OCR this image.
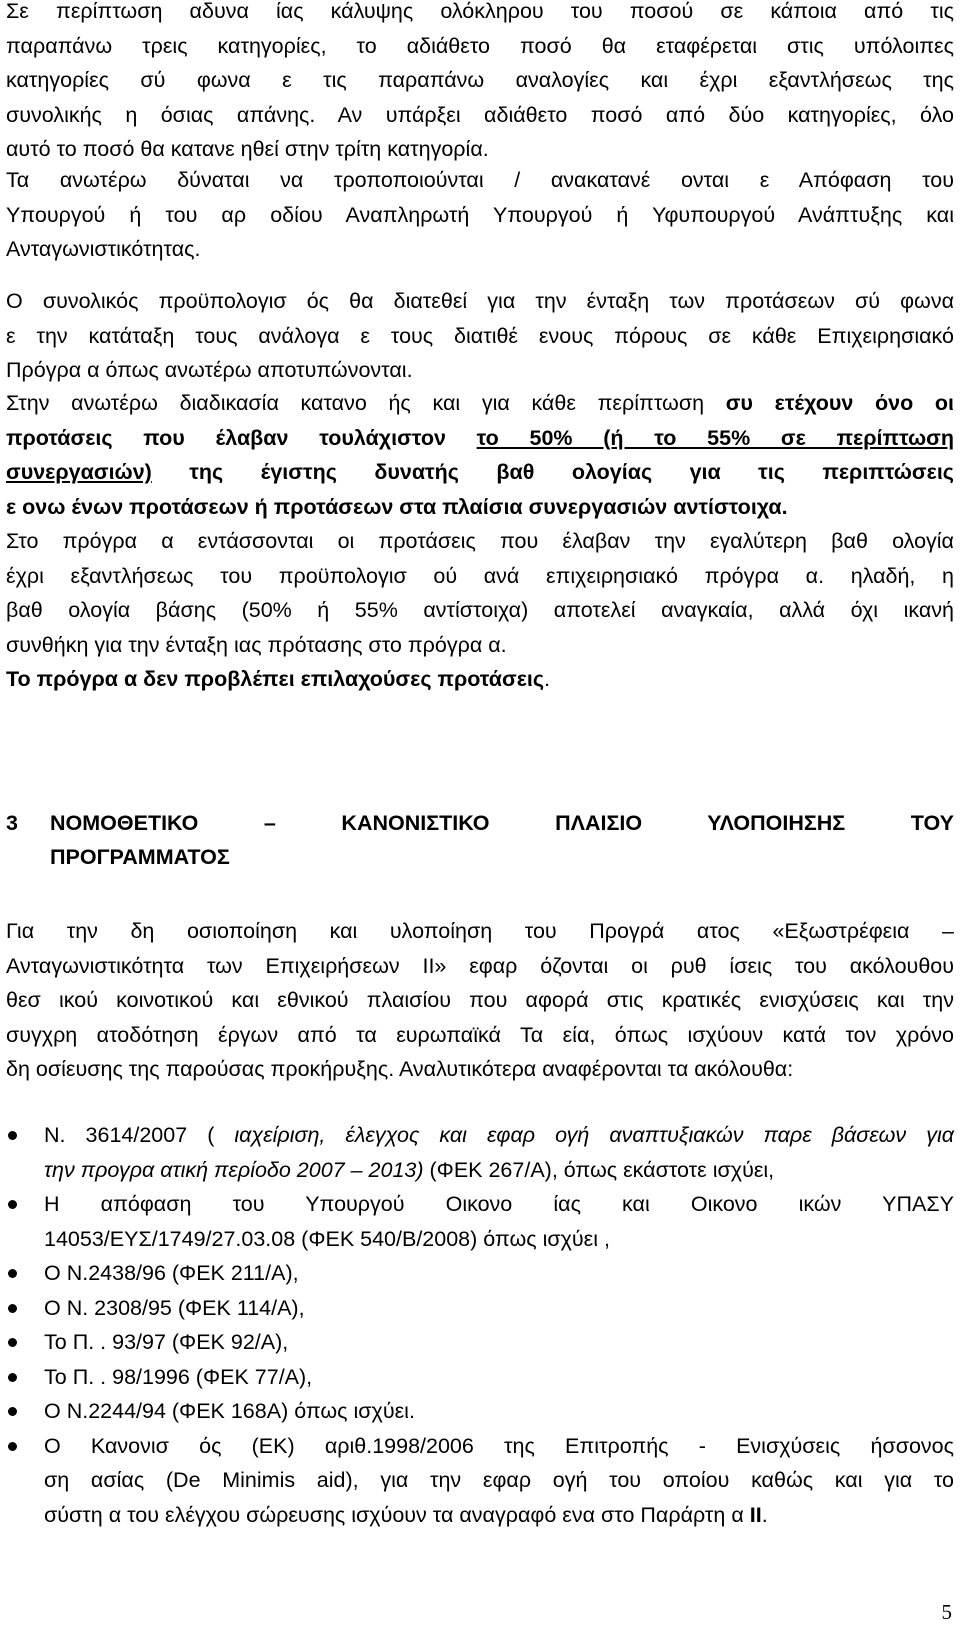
Σε περίπτωση αδυνα ίας κάλυψης ολόκληρου του ποσού σε κάποια από τις
παραπάνω τρεις κατηγορίες, το αδιάθετο ποσό θα εταφέρεται στις υπόλοιπες
κατηγορίες σύ φωνα ε τις παραπάνω αναλογίες και έχρι εξαντλήσεως της
συνολικής η όσιας απάνης. Αν υπάρξει αδιάθετο ποσό από δύο κατηγορίες, όλο
αυτό το ποσό θα κατανε ηθεί στην τρίτη κατηγορία.
Τα ανωτέρω δύναται να τροποποιούνται / ανακατανέ ονται ε Απόφαση του
Υπουργού ή του αρ οδίου Αναπληρωτή Υπουργού ή Υφυπουργού Ανάπτυξης και
Ανταγωνιστικότητας.
Ο συνολικός προϋπολογισ ός θα διατεθεί για την ένταξη των προτάσεων σύ φωνα
ε την κατάταξη τους ανάλογα ε τους διατιθέ ενους πόρους σε κάθε Επιχειρησιακό
Πρόγρα α όπως ανωτέρω αποτυπώνονται.
Στην ανωτέρω διαδικασία κατανο ής και για κάθε περίπτωση συ ετέχουν όνο οι
προτάσεις που έλαβαν τουλάχιστον το 50% (ή το 55% σε περίπτωση
συνεργασιών) της έγιστης δυνατής βαθ ολογίας για τις περιπτώσεις
ε ονω ένων προτάσεων ή προτάσεων στα πλαίσια συνεργασιών αντίστοιχα.
Στο πρόγρα α εντάσσονται οι προτάσεις που έλαβαν την εγαλύτερη βαθ ολογία
έχρι εξαντλήσεως του προϋπολογισ ού ανά επιχειρησιακό πρόγρα α. ηλαδή, η
βαθ ολογία βάσης (50% ή 55% αντίστοιχα) αποτελεί αναγκαία, αλλά όχι ικανή
συνθήκη για την ένταξη ιας πρότασης στο πρόγρα α.
Το πρόγρα α δεν προβλέπει επιλαχούσες προτάσεις.
3 ΝΟΜΟΘΕΤΙΚΟ – ΚΑΝΟΝΙΣΤΙΚΟ ΠΛΑΙΣΙΟ ΥΛΟΠΟΙΗΣΗΣ ΤΟΥ
ΠΡΟΓΡΑΜΜΑΤΟΣ
Για την δη οσιοποίηση και υλοποίηση του Προγρά ατος «Εξωστρέφεια –
Ανταγωνιστικότητα των Επιχειρήσεων ΙΙ» εφαρ όζονται οι ρυθ ίσεις του ακόλουθου
θεσ ικού κοινοτικού και εθνικού πλαισίου που αφορά στις κρατικές ενισχύσεις και την
συγχρη ατοδότηση έργων από τα ευρωπαϊκά Τα εία, όπως ισχύουν κατά τον χρόνο
δη οσίευσης της παρούσας προκήρυξης. Αναλυτικότερα αναφέρονται τα ακόλουθα:
Ν. 3614/2007 ( ιαχείριση, έλεγχος και εφαρ ογή αναπτυξιακών παρε βάσεων για
την προγρα ατική περίοδο 2007 – 2013) (ΦΕΚ 267/Α), όπως εκάστοτε ισχύει,
Η απόφαση του Υπουργού Οικονο ίας και Οικονο ικών ΥΠΑΣΥ
14053/ΕΥΣ/1749/27.03.08 (ΦΕΚ 540/Β/2008) όπως ισχύει ,
Ο Ν.2438/96 (ΦΕΚ 211/Α),
Ο Ν. 2308/95 (ΦΕΚ 114/Α),
Το Π. . 93/97 (ΦΕΚ 92/Α),
Το Π. . 98/1996 (ΦΕΚ 77/Α),
Ο Ν.2244/94 (ΦΕΚ 168Α) όπως ισχύει.
Ο Κανονισ ός (ΕΚ) αριθ.1998/2006 της Επιτροπής - Ενισχύσεις ήσσονος
ση ασίας (De Minimis aid), για την εφαρ ογή του οποίου καθώς και για το
σύστη α του ελέγχου σώρευσης ισχύουν τα αναγραφό ενα στο Παράρτη α ΙΙ.
5
